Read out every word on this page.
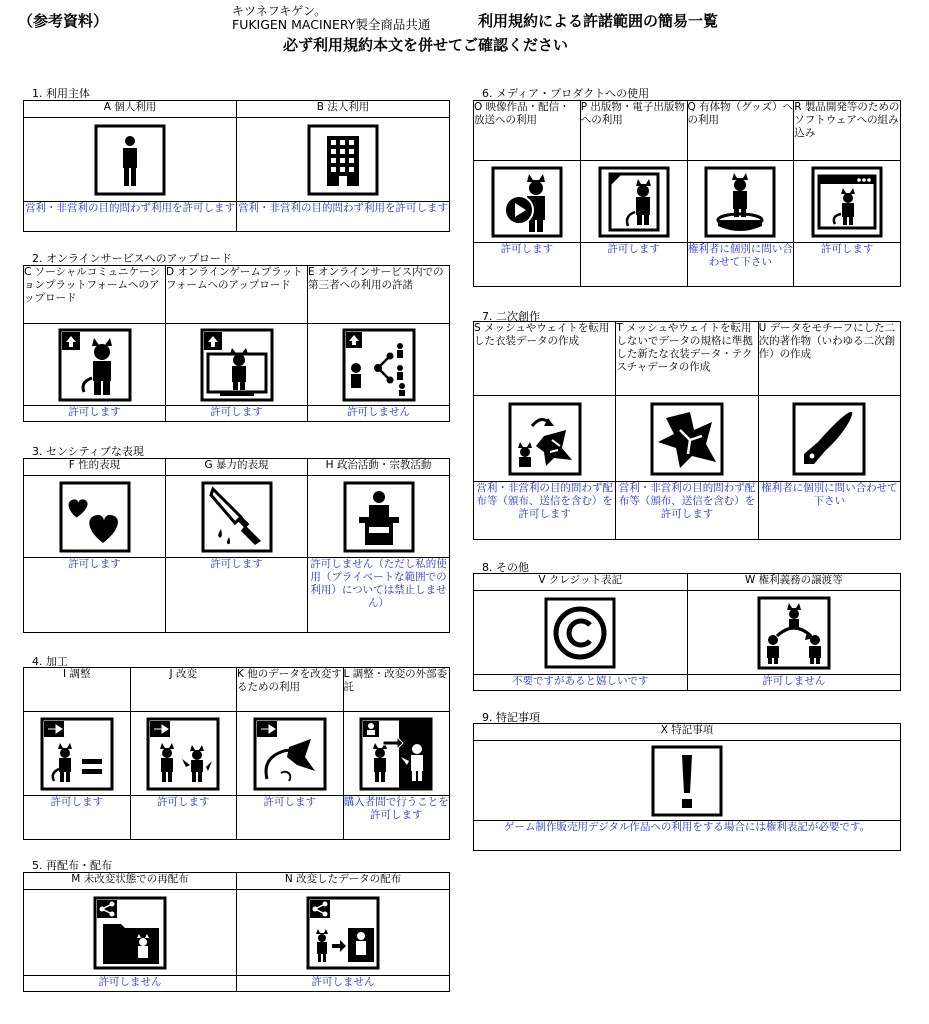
（参考資料）
キツネフキゲン。
FUKIGEN MACINERY製全商品共通	利用規約による許諾範囲の簡易一覧
必ず利用規約本文を併せてご確認ください
1. 利用主体
A 個人利用	B 法人利用

営利・非営利の目的問わず利用を許可します	営利・非営利の目的問わず利用を許可します
2. オンラインサービスへのアップロード
C ソーシャルコミュニケーションプラットフォームへのアップロード	D オンラインゲームプラットフォームへのアップロード	E オンラインサービス内での第三者への利用の許諾

許可します	許可します	許可しません
3. センシティブな表現
F 性的表現	G 暴力的表現	H 政治活動・宗教活動

許可します	許可します	許可しません（ただし私的使用（プライベートな範囲での利用）については禁止しません）
4. 加工
I 調整	J 改変	K 他のデータを改変するための利用	L 調整・改変の外部委託

許可します	許可します	許可します	購入者間で行うことを許可します
5. 再配布・配布
M 未改変状態での再配布	N 改変したデータの配布

許可しません	許可しません
6. メディア・プロダクトへの使用
O 映像作品・配信・放送への利用	P 出版物・電子出版物への利用	Q 有体物（グッズ）への利用	R 製品開発等のためのソフトウェアへの組み込み

許可します	許可します	権利者に個別に問い合わせて下さい	許可します
7. 二次創作
S メッシュやウェイトを転用した衣装データの作成	T メッシュやウェイトを転用しないでデータの規格に準拠した新たな衣装データ・テクスチャデータの作成	U データをモチーフにした二次的著作物（いわゆる二次創作）の作成

営利・非営利の目的問わず配布等（頒布、送信を含む）を許可します	営利・非営利の目的問わず配布等（頒布、送信を含む）を許可します	権利者に個別に問い合わせて下さい
8. その他
V クレジット表記	W 権利義務の譲渡等

不要ですがあると嬉しいです	許可しません
9. 特記事項
X 特記事項

ゲーム制作販売用デジタル作品への利用をする場合には権利表記が必要です。
